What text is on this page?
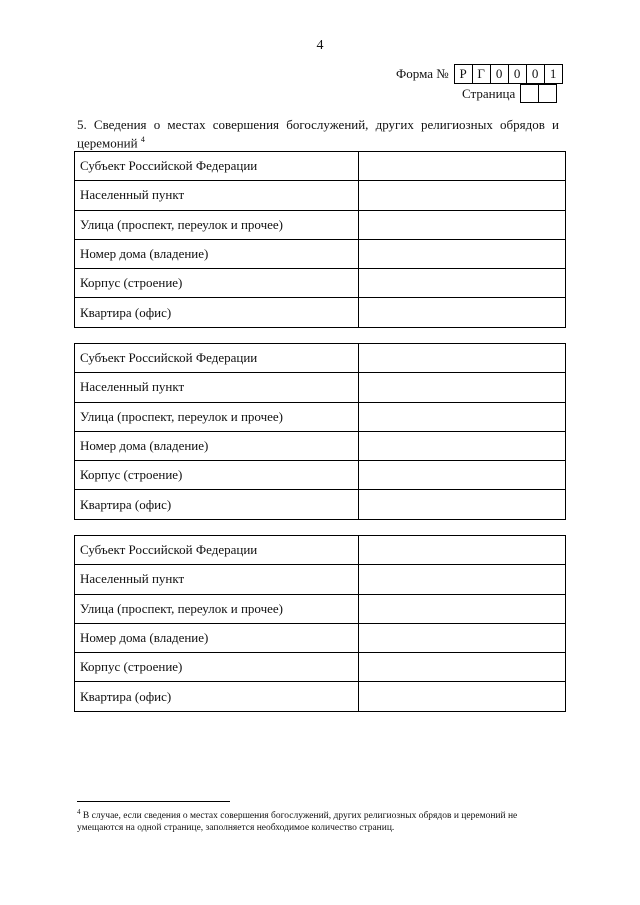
4
Форма № Р Г 0 0 0 1
Страница
5. Сведения о местах совершения богослужений, других религиозных обрядов и церемоний $^4$
Субъект Российской Федерации	
Населенный пункт	
Улица (проспект, переулок и прочее)	
Номер дома (владение)	
Корпус (строение)	
Квартира (офис)	
Субъект Российской Федерации	
Населенный пункт	
Улица (проспект, переулок и прочее)	
Номер дома (владение)	
Корпус (строение)	
Квартира (офис)	
Субъект Российской Федерации	
Населенный пункт	
Улица (проспект, переулок и прочее)	
Номер дома (владение)	
Корпус (строение)	
Квартира (офис)	
$^4$ В случае, если сведения о местах совершения богослужений, других религиозных обрядов и церемоний не умещаются на одной странице, заполняется необходимое количество страниц.
